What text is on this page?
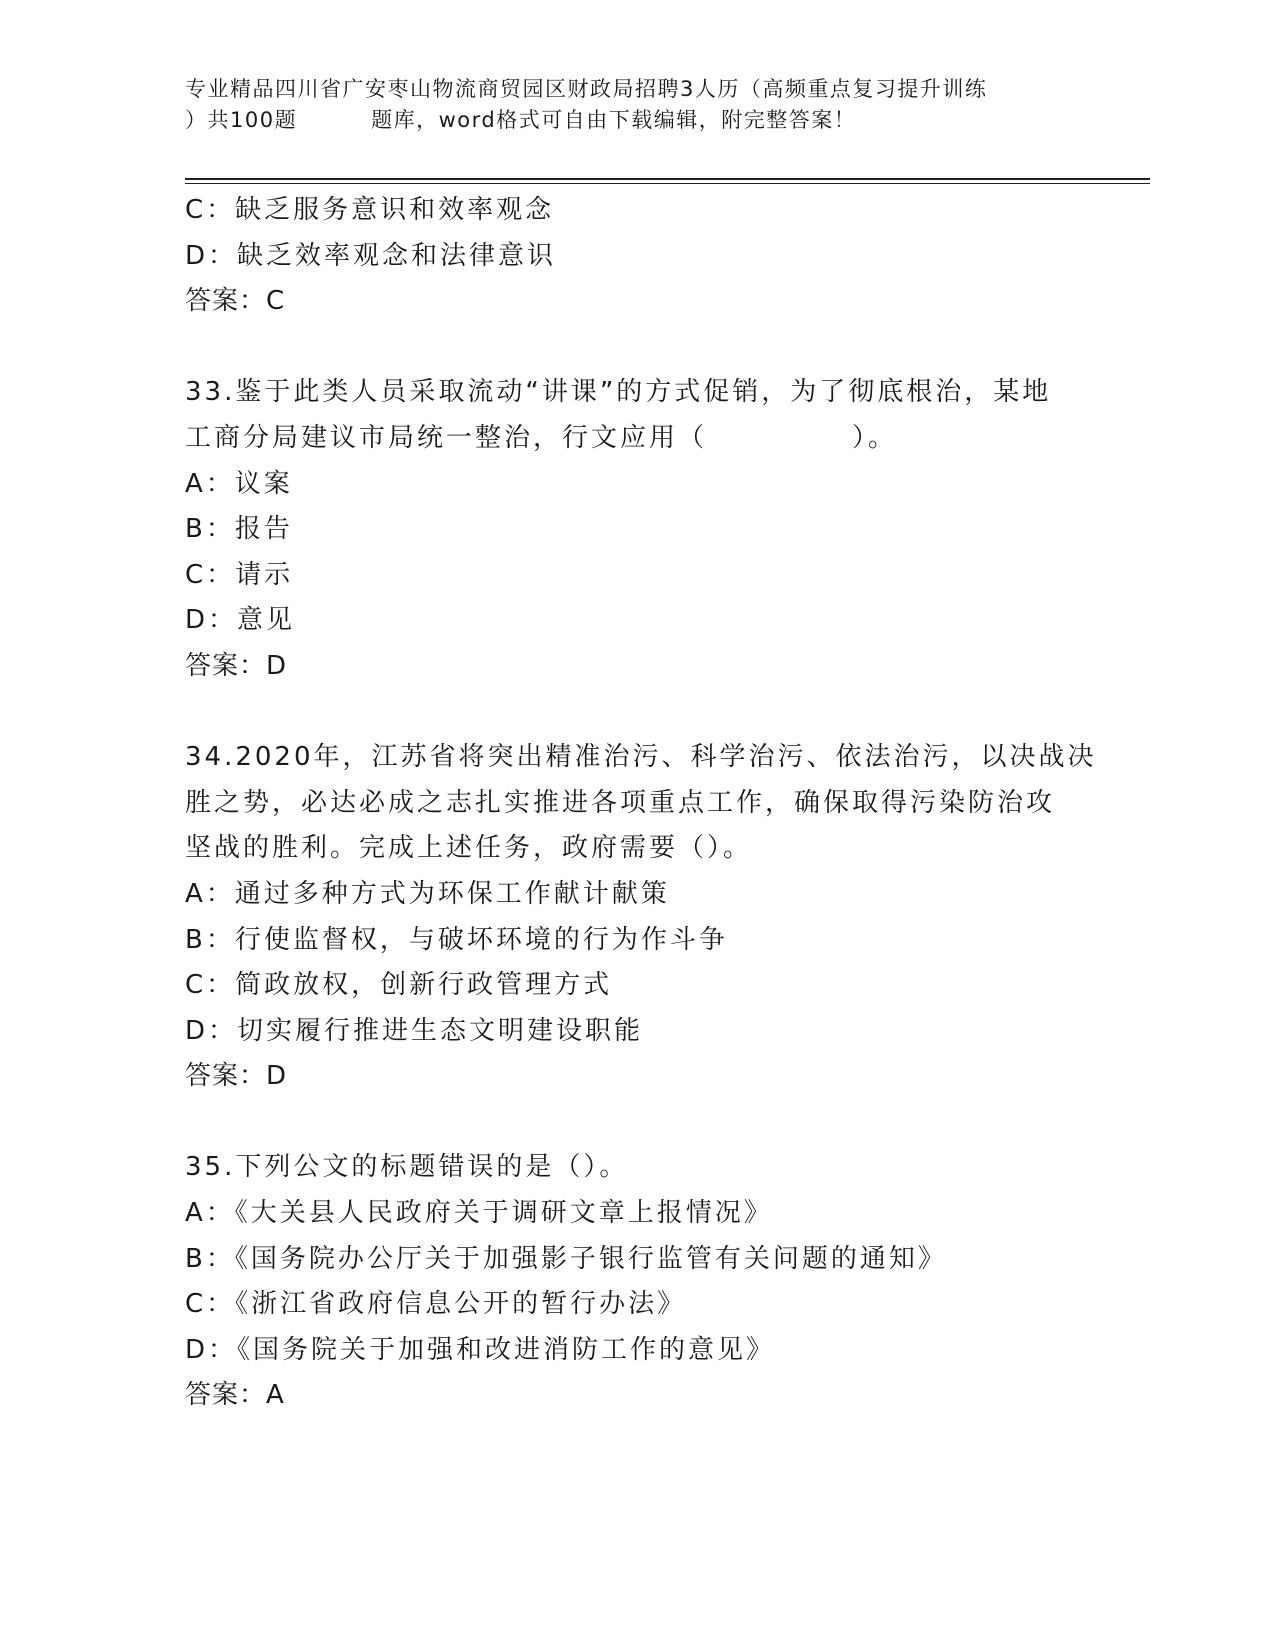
专业精品四川省广安枣山物流商贸园区财政局招聘3人历（高频重点复习提升训练
）共100题	题库，word格式可自由下载编辑，附完整答案！
C：缺乏服务意识和效率观念
D：缺乏效率观念和法律意识
答案：C
33.鉴于此类人员采取流动“讲课”的方式促销，为了彻底根治，某地
工商分局建议市局统一整治，行文应用（　　　　　）。
A：议案
B：报告
C：请示
D：意见
答案：D
34.2020年，江苏省将突出精准治污、科学治污、依法治污，以决战决
胜之势，必达必成之志扎实推进各项重点工作，确保取得污染防治攻
坚战的胜利。完成上述任务，政府需要（）。
A：通过多种方式为环保工作献计献策
B：行使监督权，与破坏环境的行为作斗争
C：简政放权，创新行政管理方式
D：切实履行推进生态文明建设职能
答案：D
35.下列公文的标题错误的是（）。
A：《大关县人民政府关于调研文章上报情况》
B：《国务院办公厅关于加强影子银行监管有关问题的通知》
C：《浙江省政府信息公开的暂行办法》
D：《国务院关于加强和改进消防工作的意见》
答案：A
